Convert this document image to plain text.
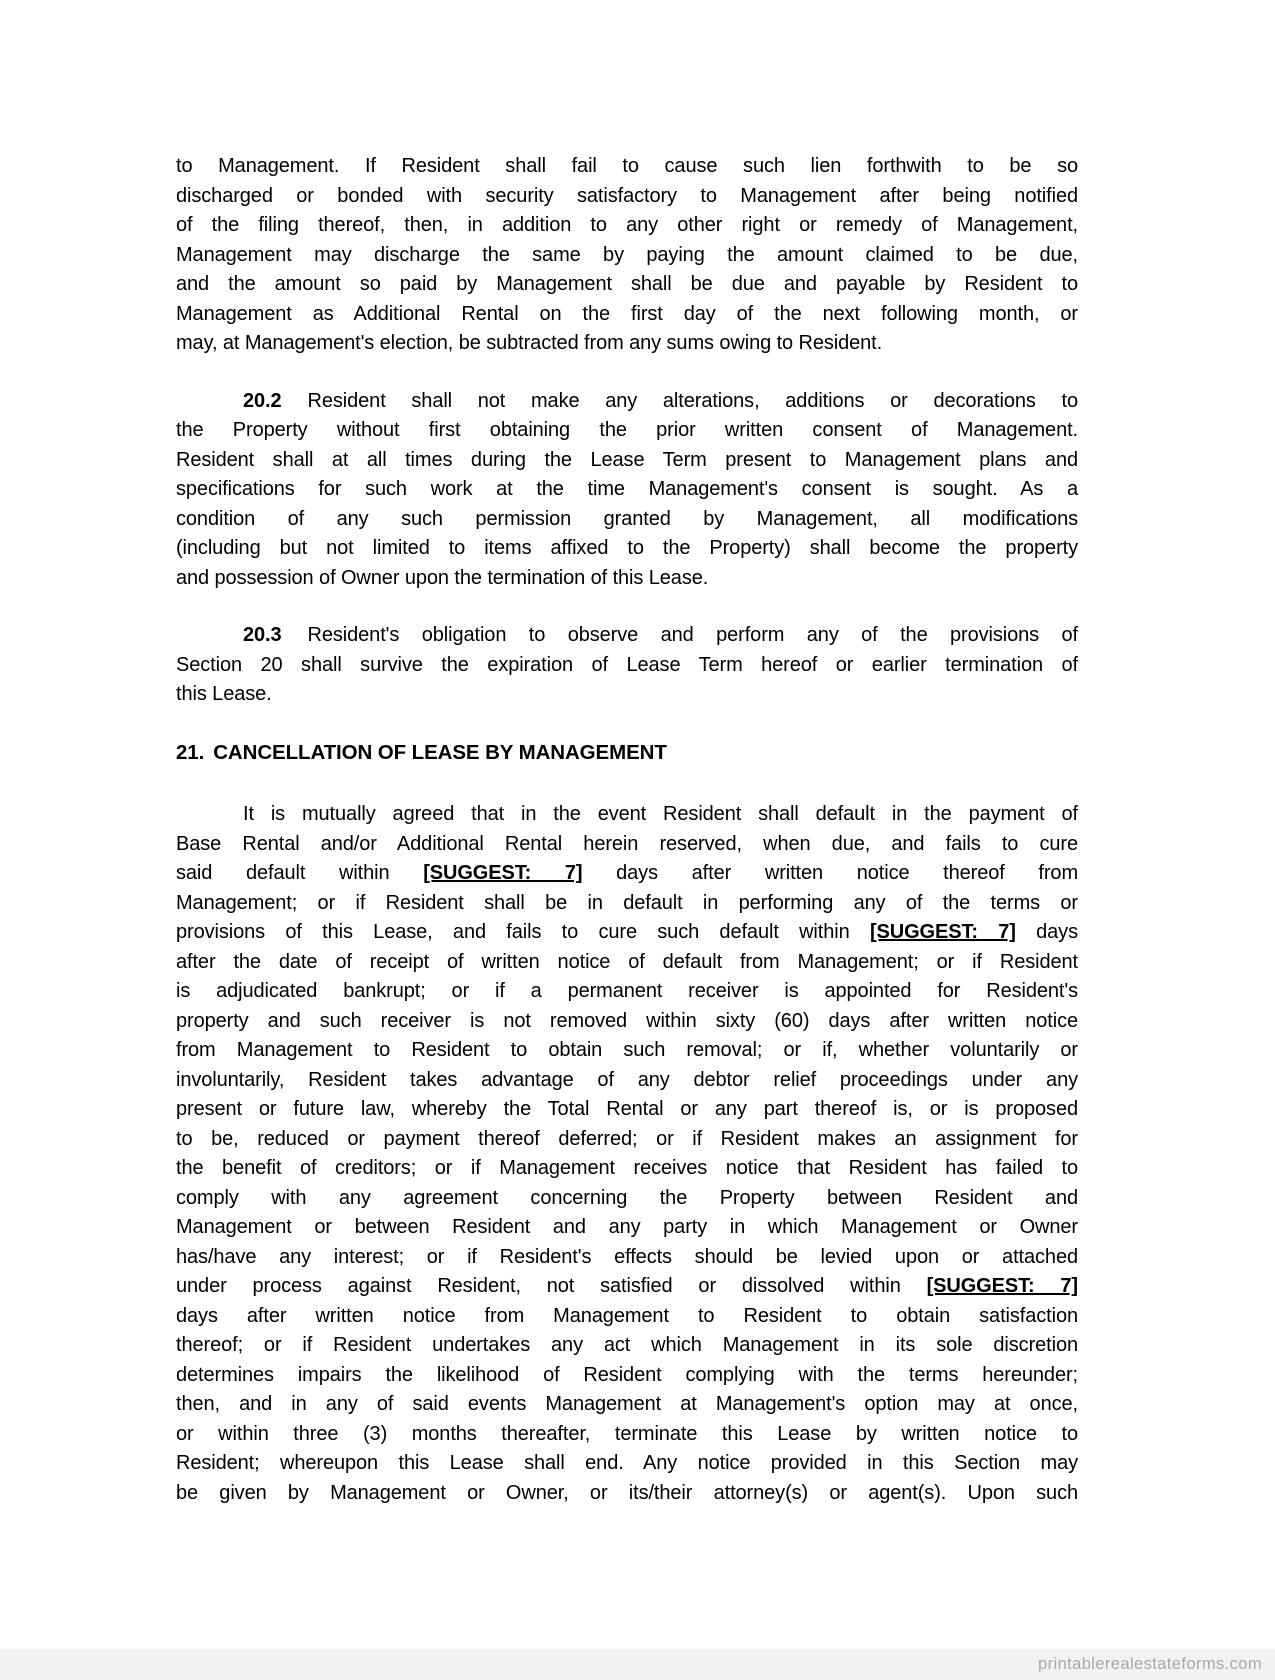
to Management. If Resident shall fail to cause such lien forthwith to be so
discharged or bonded with security satisfactory to Management after being notified
of the filing thereof, then, in addition to any other right or remedy of Management,
Management may discharge the same by paying the amount claimed to be due,
and the amount so paid by Management shall be due and payable by Resident to
Management as Additional Rental on the first day of the next following month, or
may, at Management's election, be subtracted from any sums owing to Resident.
20.2 Resident shall not make any alterations, additions or decorations to
the Property without first obtaining the prior written consent of Management.
Resident shall at all times during the Lease Term present to Management plans and
specifications for such work at the time Management's consent is sought. As a
condition of any such permission granted by Management, all modifications
(including but not limited to items affixed to the Property) shall become the property
and possession of Owner upon the termination of this Lease.
20.3 Resident's obligation to observe and perform any of the provisions of
Section 20 shall survive the expiration of Lease Term hereof or earlier termination of
this Lease.
21. CANCELLATION OF LEASE BY MANAGEMENT
It is mutually agreed that in the event Resident shall default in the payment of
Base Rental and/or Additional Rental herein reserved, when due, and fails to cure
said default within [SUGGEST: 7] days after written notice thereof from
Management; or if Resident shall be in default in performing any of the terms or
provisions of this Lease, and fails to cure such default within [SUGGEST: 7] days
after the date of receipt of written notice of default from Management; or if Resident
is adjudicated bankrupt; or if a permanent receiver is appointed for Resident's
property and such receiver is not removed within sixty (60) days after written notice
from Management to Resident to obtain such removal; or if, whether voluntarily or
involuntarily, Resident takes advantage of any debtor relief proceedings under any
present or future law, whereby the Total Rental or any part thereof is, or is proposed
to be, reduced or payment thereof deferred; or if Resident makes an assignment for
the benefit of creditors; or if Management receives notice that Resident has failed to
comply with any agreement concerning the Property between Resident and
Management or between Resident and any party in which Management or Owner
has/have any interest; or if Resident's effects should be levied upon or attached
under process against Resident, not satisfied or dissolved within [SUGGEST: 7]
days after written notice from Management to Resident to obtain satisfaction
thereof; or if Resident undertakes any act which Management in its sole discretion
determines impairs the likelihood of Resident complying with the terms hereunder;
then, and in any of said events Management at Management's option may at once,
or within three (3) months thereafter, terminate this Lease by written notice to
Resident; whereupon this Lease shall end. Any notice provided in this Section may
be given by Management or Owner, or its/their attorney(s) or agent(s). Upon such
printablerealestateforms.com
